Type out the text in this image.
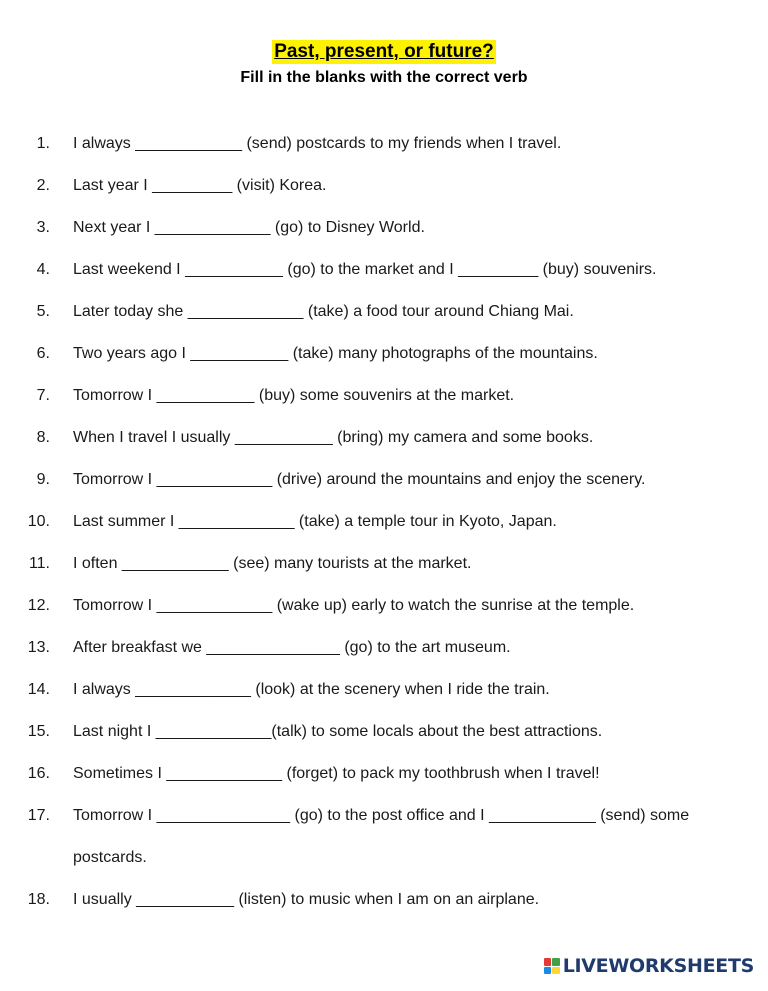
Past, present, or future?
Fill in the blanks with the correct verb
1. I always ____________ (send) postcards to my friends when I travel.
2. Last year I _________ (visit) Korea.
3. Next year I _____________ (go) to Disney World.
4. Last weekend I ___________ (go) to the market and I _________ (buy) souvenirs.
5. Later today she _____________ (take) a food tour around Chiang Mai.
6. Two years ago I ___________ (take) many photographs of the mountains.
7. Tomorrow I ___________ (buy) some souvenirs at the market.
8. When I travel I usually ___________ (bring) my camera and some books.
9. Tomorrow I _____________ (drive) around the mountains and enjoy the scenery.
10. Last summer I _____________ (take) a temple tour in Kyoto, Japan.
11. I often ____________ (see) many tourists at the market.
12. Tomorrow I _____________ (wake up) early to watch the sunrise at the temple.
13. After breakfast we _______________ (go) to the art museum.
14. I always _____________ (look) at the scenery when I ride the train.
15. Last night I _____________(talk) to some locals about the best attractions.
16. Sometimes I _____________ (forget) to pack my toothbrush when I travel!
17. Tomorrow I _______________ (go) to the post office and I ____________ (send) some postcards.
18. I usually ___________ (listen) to music when I am on an airplane.
LIVEWORKSHEETS
